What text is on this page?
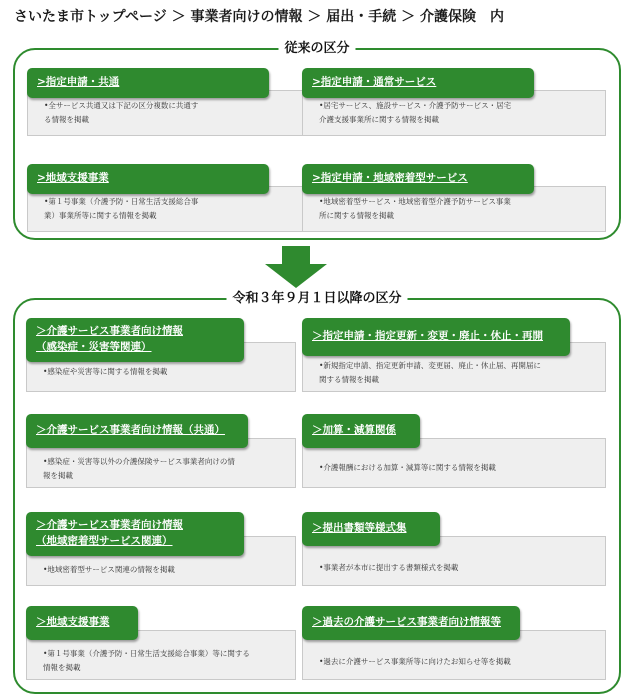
さいたま市トップページ ＞ 事業者向けの情報 ＞ 届出・手続 ＞ 介護保険　内
従来の区分
•全サービス共通又は下記の区分複数に共通す
る情報を掲載
>指定申請・共通
•居宅サービス、施設サービス・介護予防サービス・居宅
介護支援事業所に関する情報を掲載
>指定申請・通常サービス
•第１号事業（介護予防・日常生活支援総合事
業）事業所等に関する情報を掲載
>地域支援事業
•地域密着型サービス・地域密着型介護予防サービス事業
所に関する情報を掲載
>指定申請・地域密着型サービス
令和３年９月１日以降の区分
•感染症や災害等に関する情報を掲載
＞介護サービス事業者向け情報
（感染症・災害等関連）
•新規指定申請、指定更新申請、変更届、廃止・休止届、再開届に
関する情報を掲載
＞指定申請・指定更新・変更・廃止・休止・再開
•感染症・災害等以外の介護保険サービス事業者向けの情
報を掲載
＞介護サービス事業者向け情報（共通）
•介護報酬における加算・減算等に関する情報を掲載
＞加算・減算関係
•地域密着型サービス関連の情報を掲載
＞介護サービス事業者向け情報
（地域密着型サービス関連）
•事業者が本市に提出する書類様式を掲載
＞提出書類等様式集
•第１号事業（介護予防・日常生活支援総合事業）等に関する
情報を掲載
＞地域支援事業
•過去に介護サービス事業所等に向けたお知らせ等を掲載
＞過去の介護サービス事業者向け情報等
